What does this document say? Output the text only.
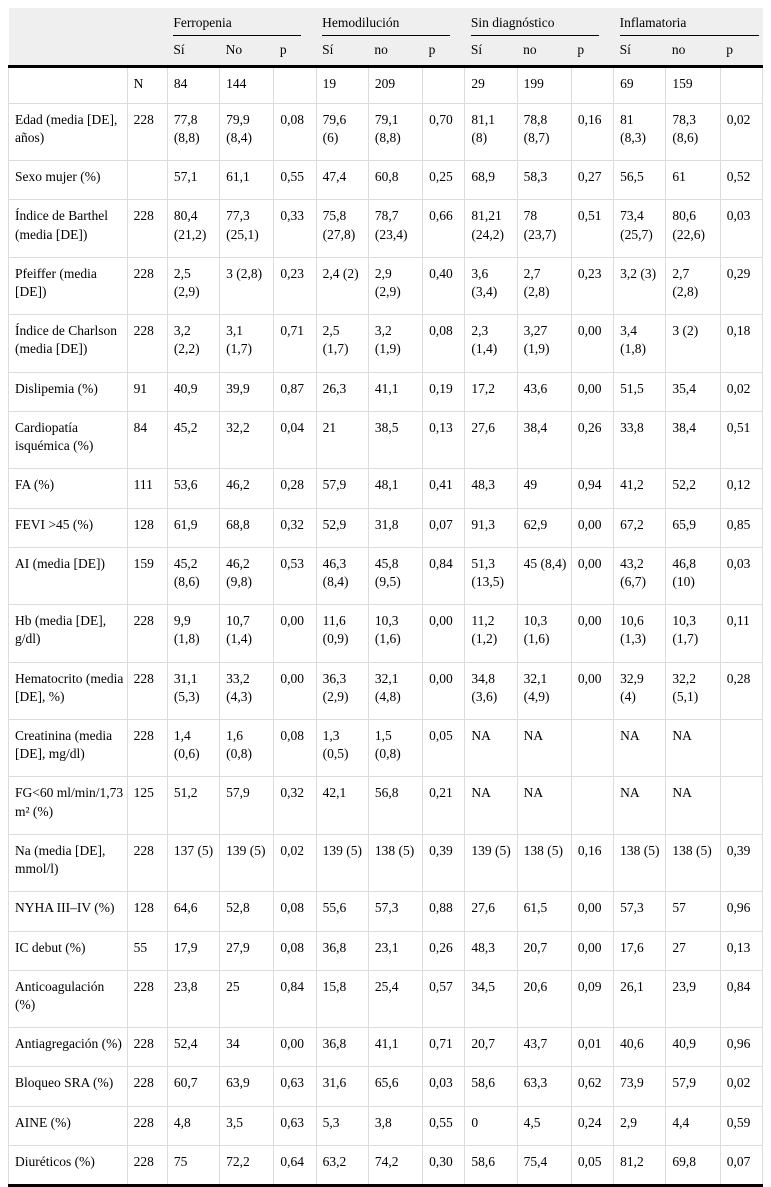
		Ferropenia			Hemodilución			Sin diagnóstico			Inflamatoria		

		Sí	No	p	Sí	no	p	Sí	no	p	Sí	no	p
	N	84	144		19	209		29	199		69	159	
Edad (media [DE], años)	228	77,8 (8,8)	79,9 (8,4)	0,08	79,6 (6)	79,1 (8,8)	0,70	81,1 (8)	78,8 (8,7)	0,16	81 (8,3)	78,3 (8,6)	0,02
Sexo mujer (%)		57,1	61,1	0,55	47,4	60,8	0,25	68,9	58,3	0,27	56,5	61	0,52
Índice de Barthel (media [DE])	228	80,4 (21,2)	77,3 (25,1)	0,33	75,8 (27,8)	78,7 (23,4)	0,66	81,21 (24,2)	78 (23,7)	0,51	73,4 (25,7)	80,6 (22,6)	0,03
Pfeiffer (media [DE])	228	2,5 (2,9)	3 (2,8)	0,23	2,4 (2)	2,9 (2,9)	0,40	3,6 (3,4)	2,7 (2,8)	0,23	3,2 (3)	2,7 (2,8)	0,29
Índice de Charlson (media [DE])	228	3,2 (2,2)	3,1 (1,7)	0,71	2,5 (1,7)	3,2 (1,9)	0,08	2,3 (1,4)	3,27 (1,9)	0,00	3,4 (1,8)	3 (2)	0,18
Dislipemia (%)	91	40,9	39,9	0,87	26,3	41,1	0,19	17,2	43,6	0,00	51,5	35,4	0,02
Cardiopatía isquémica (%)	84	45,2	32,2	0,04	21	38,5	0,13	27,6	38,4	0,26	33,8	38,4	0,51
FA (%)	111	53,6	46,2	0,28	57,9	48,1	0,41	48,3	49	0,94	41,2	52,2	0,12
FEVI >45 (%)	128	61,9	68,8	0,32	52,9	31,8	0,07	91,3	62,9	0,00	67,2	65,9	0,85
AI (media [DE])	159	45,2 (8,6)	46,2 (9,8)	0,53	46,3 (8,4)	45,8 (9,5)	0,84	51,3 (13,5)	45 (8,4)	0,00	43,2 (6,7)	46,8 (10)	0,03
Hb (media [DE], g/dl)	228	9,9 (1,8)	10,7 (1,4)	0,00	11,6 (0,9)	10,3 (1,6)	0,00	11,2 (1,2)	10,3 (1,6)	0,00	10,6 (1,3)	10,3 (1,7)	0,11
Hematocrito (media [DE], %)	228	31,1 (5,3)	33,2 (4,3)	0,00	36,3 (2,9)	32,1 (4,8)	0,00	34,8 (3,6)	32,1 (4,9)	0,00	32,9 (4)	32,2 (5,1)	0,28
Creatinina (media [DE], mg/dl)	228	1,4 (0,6)	1,6 (0,8)	0,08	1,3 (0,5)	1,5 (0,8)	0,05	NA	NA		NA	NA	
FG<60 ml/min/1,73 m² (%)	125	51,2	57,9	0,32	42,1	56,8	0,21	NA	NA		NA	NA	
Na (media [DE], mmol/l)	228	137 (5)	139 (5)	0,02	139 (5)	138 (5)	0,39	139 (5)	138 (5)	0,16	138 (5)	138 (5)	0,39
NYHA III–IV (%)	128	64,6	52,8	0,08	55,6	57,3	0,88	27,6	61,5	0,00	57,3	57	0,96
IC debut (%)	55	17,9	27,9	0,08	36,8	23,1	0,26	48,3	20,7	0,00	17,6	27	0,13
Anticoagulación (%)	228	23,8	25	0,84	15,8	25,4	0,57	34,5	20,6	0,09	26,1	23,9	0,84
Antiagregación (%)	228	52,4	34	0,00	36,8	41,1	0,71	20,7	43,7	0,01	40,6	40,9	0,96
Bloqueo SRA (%)	228	60,7	63,9	0,63	31,6	65,6	0,03	58,6	63,3	0,62	73,9	57,9	0,02
AINE (%)	228	4,8	3,5	0,63	5,3	3,8	0,55	0	4,5	0,24	2,9	4,4	0,59
Diuréticos (%)	228	75	72,2	0,64	63,2	74,2	0,30	58,6	75,4	0,05	81,2	69,8	0,07
